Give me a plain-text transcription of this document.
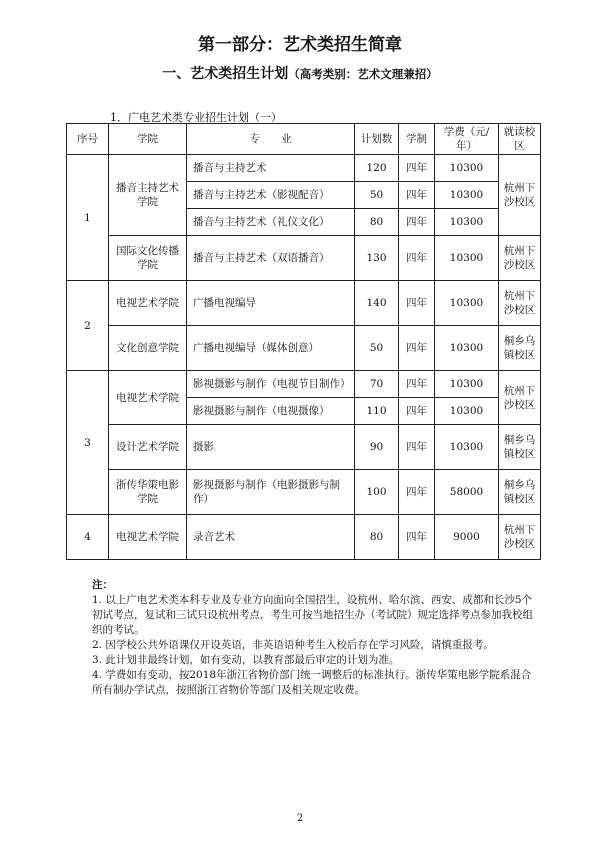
第一部分：艺术类招生简章
一、艺术类招生计划（高考类别：艺术文理兼招）
1．广电艺术类专业招生计划（一）
序号	学院	专　　业	计划数	学制	学费（元/年）	就读校区
1	播音主持艺术学院	播音与主持艺术	120	四年	10300	杭州下沙校区
		播音与主持艺术（影视配音）	50	四年	10300	
		播音与主持艺术（礼仪文化）	80	四年	10300	
	国际文化传播学院	播音与主持艺术（双语播音）	130	四年	10300	杭州下沙校区
2	电视艺术学院	广播电视编导	140	四年	10300	杭州下沙校区
	文化创意学院	广播电视编导（媒体创意）	50	四年	10300	桐乡乌镇校区
3	电视艺术学院	影视摄影与制作（电视节目制作）	70	四年	10300	杭州下沙校区
		影视摄影与制作（电视摄像）	110	四年	10300	
	设计艺术学院	摄影	90	四年	10300	桐乡乌镇校区
	浙传华策电影学院	影视摄影与制作（电影摄影与制作）	100	四年	58000	桐乡乌镇校区
4	电视艺术学院	录音艺术	80	四年	9000	杭州下沙校区

注：

1. 以上广电艺术类本科专业及专业方向面向全国招生，设杭州、哈尔滨、西安、成都和长沙5个初试考点，复试和三试只设杭州考点，考生可按当地招生办（考试院）规定选择考点参加我校组织的考试。

2. 因学校公共外语课仅开设英语，非英语语种考生入校后存在学习风险，请慎重报考。

3. 此计划非最终计划，如有变动，以教育部最后审定的计划为准。

4. 学费如有变动，按2018年浙江省物价部门统一调整后的标准执行。浙传华策电影学院系混合所有制办学试点，按照浙江省物价等部门及相关规定收费。

2
